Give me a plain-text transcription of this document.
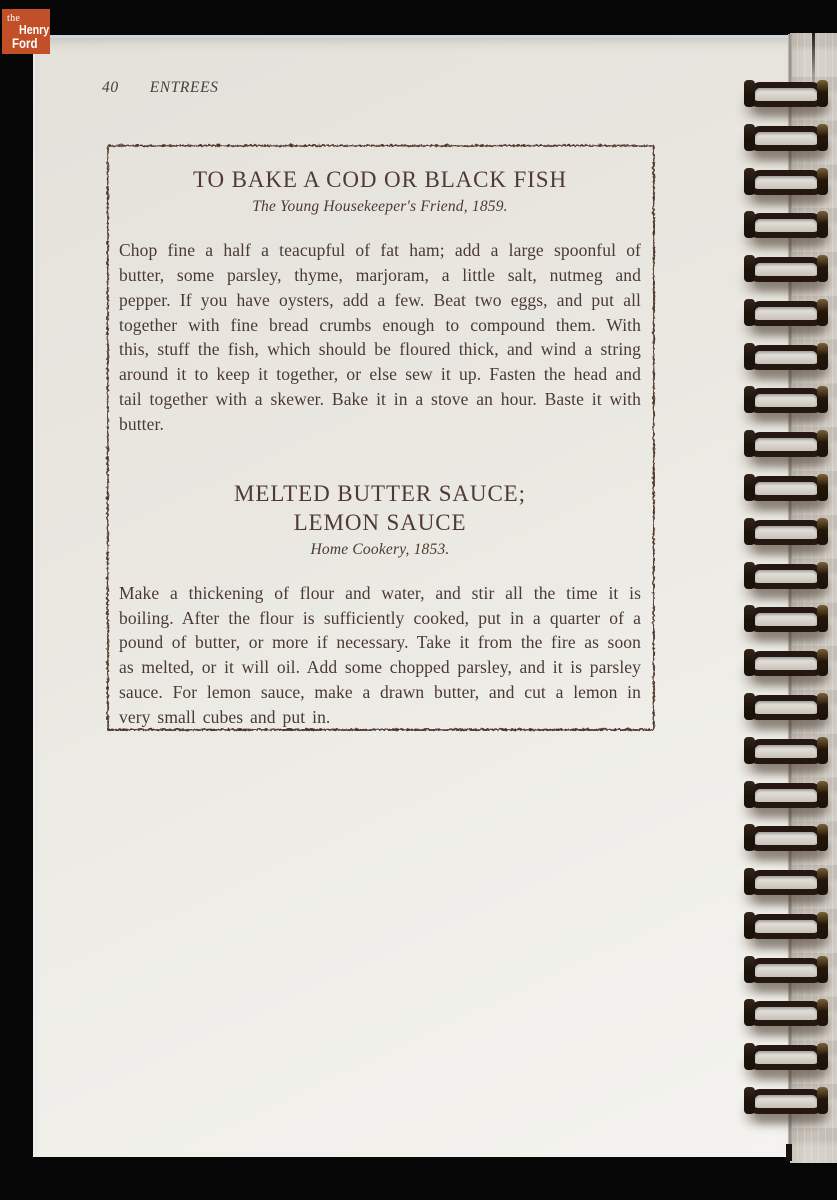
the
Henry
Ford
40 ENTREES
TO BAKE A COD OR BLACK FISH
The Young Housekeeper's Friend, 1859.

Chop fine a half a teacupful of fat ham; add a large spoonful of butter, some parsley, thyme, marjoram, a little salt, nutmeg and pepper. If you have oysters, add a few. Beat two eggs, and put all together with fine bread crumbs enough to compound them. With this, stuff the fish, which should be floured thick, and wind a string around it to keep it together, or else sew it up. Fasten the head and tail together with a skewer. Bake it in a stove an hour. Baste it with butter.

MELTED BUTTER SAUCE;
LEMON SAUCE
Home Cookery, 1853.

Make a thickening of flour and water, and stir all the time it is boiling. After the flour is sufficiently cooked, put in a quarter of a pound of butter, or more if necessary. Take it from the fire as soon as melted, or it will oil. Add some chopped parsley, and it is parsley sauce. For lemon sauce, make a drawn butter, and cut a lemon in very small cubes and put in.
